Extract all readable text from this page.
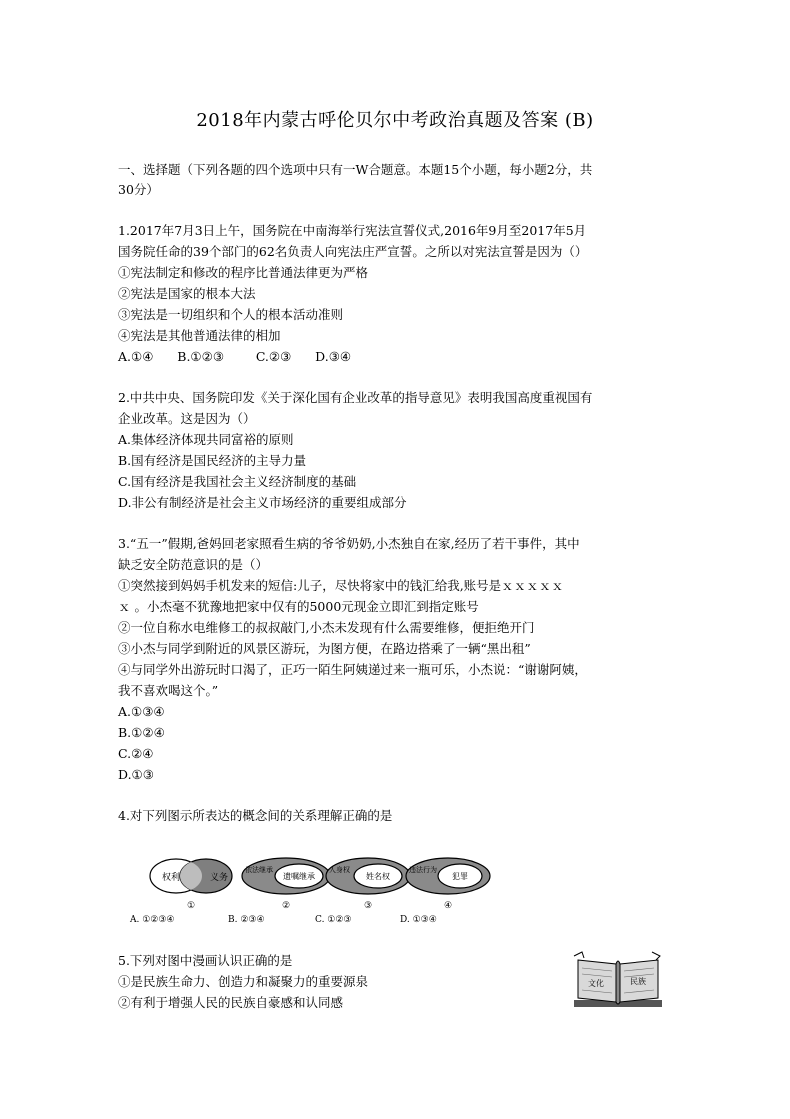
2018年内蒙古呼伦贝尔中考政治真题及答案 (B)
一、选择题（下列各题的四个选项中只有一W合题意。本题15个小题，每小题2分，共
30分）
1.2017年7月3日上午，国务院在中南海举行宪法宣誓仪式,2016年9月至2017年5月
国务院任命的39个部门的62名负责人向宪法庄严宣誓。之所以对宪法宣誓是因为（）
①宪法制定和修改的程序比普通法律更为严格
②宪法是国家的根本大法
③宪法是一切组织和个人的根本活动准则
④宪法是其他普通法律的相加
A.①④      B.①②③        C.②③      D.③④
2.中共中央、国务院印发《关于深化国有企业改革的指导意见》表明我国高度重视国有
企业改革。这是因为（）
A.集体经济体现共同富裕的原则
B.国有经济是国民经济的主导力量
C.国有经济是我国社会主义经济制度的基础
D.非公有制经济是社会主义市场经济的重要组成部分
3.“五一”假期,爸妈回老家照看生病的爷爷奶奶,小杰独自在家,经历了若干事件，其中
缺乏安全防范意识的是（）
①突然接到妈妈手机发来的短信:儿子，尽快将家中的钱汇给我,账号是ｘｘｘｘｘ
ｘ 。小杰毫不犹豫地把家中仅有的5000元现金立即汇到指定账号
②一位自称水电维修工的叔叔敲门,小杰未发现有什么需要维修，便拒绝开门
③小杰与同学到附近的风景区游玩，为图方便，在路边搭乘了一辆“黑出租”
④与同学外出游玩时口渴了，正巧一陌生阿姨递过来一瓶可乐，小杰说：“谢谢阿姨，
我不喜欢喝这个。”
A.①③④
B.①②④
C.②④
D.①③
4.对下列图示所表达的概念间的关系理解正确的是
权利	义务
①
依法继承
遗嘱继承
②
人身权
姓名权
③
违法行为
犯罪
④
A. ①②③④	B. ②③④	C. ①②③	D. ①③④
5.下列对图中漫画认识正确的是
①是民族生命力、创造力和凝聚力的重要源泉
②有利于增强人民的民族自豪感和认同感
文化	民族
